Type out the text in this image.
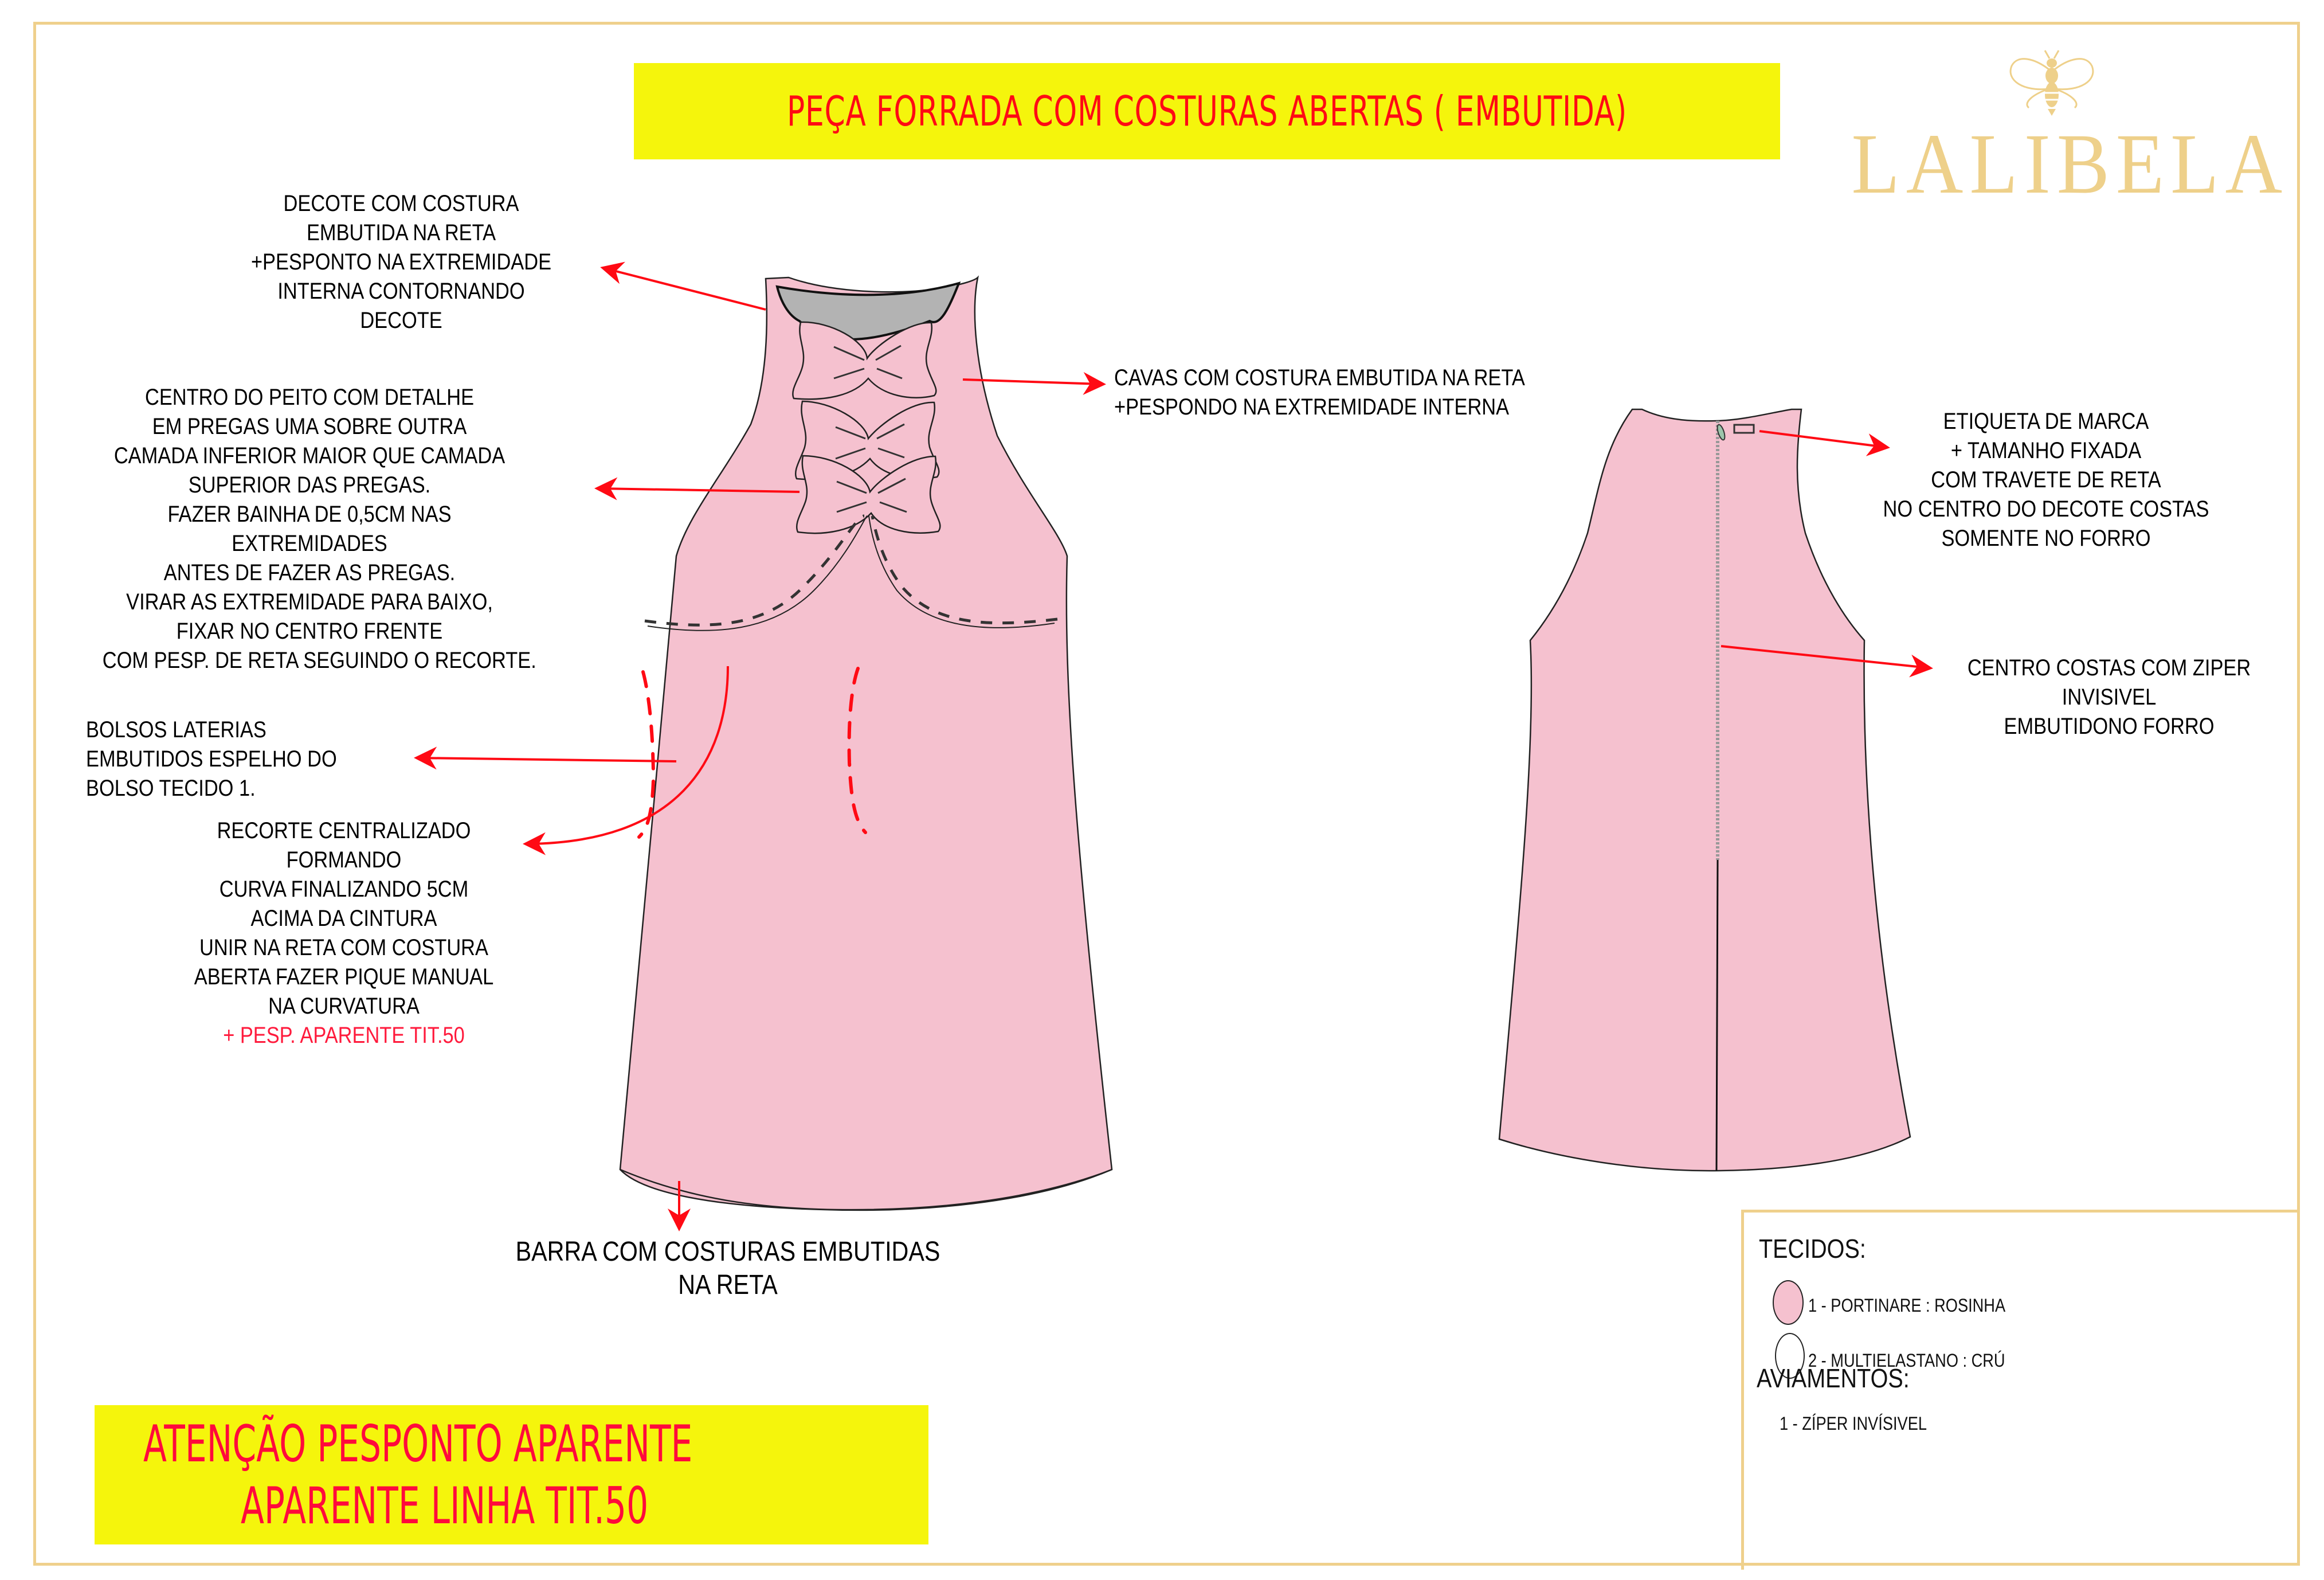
PEÇA FORRADA COM COSTURAS ABERTAS ( EMBUTIDA)
LALIBELA
DECOTE COM COSTURA
EMBUTIDA NA RETA
+PESPONTO NA EXTREMIDADE
INTERNA CONTORNANDO
DECOTE
CENTRO DO PEITO COM DETALHE
EM PREGAS UMA SOBRE OUTRA
CAMADA INFERIOR MAIOR QUE CAMADA
SUPERIOR DAS PREGAS.
FAZER BAINHA DE 0,5CM NAS
EXTREMIDADES
ANTES DE FAZER AS PREGAS.
VIRAR AS EXTREMIDADE PARA BAIXO,
FIXAR NO CENTRO FRENTE
COM PESP. DE RETA SEGUINDO O RECORTE.
BOLSOS LATERIAS
EMBUTIDOS ESPELHO DO
BOLSO TECIDO 1.
RECORTE CENTRALIZADO
FORMANDO
CURVA FINALIZANDO 5CM
ACIMA DA CINTURA
UNIR NA RETA COM COSTURA
ABERTA FAZER PIQUE MANUAL
NA CURVATURA
+ PESP. APARENTE TIT.50
CAVAS COM COSTURA EMBUTIDA NA RETA
+PESPONDO NA EXTREMIDADE INTERNA
BARRA COM COSTURAS EMBUTIDAS
NA RETA
ETIQUETA DE MARCA
+ TAMANHO FIXADA
COM TRAVETE DE RETA
NO CENTRO DO DECOTE COSTAS
SOMENTE NO FORRO
CENTRO COSTAS COM ZIPER
INVISIVEL
EMBUTIDONO FORRO
ATENÇÃO PESPONTO APARENTE
APARENTE LINHA TIT.50
TECIDOS:
1 - PORTINARE : ROSINHA
2 - MULTIELASTANO : CRÚ
AVIAMENTOS:
1 - ZÍPER INVÍSIVEL
